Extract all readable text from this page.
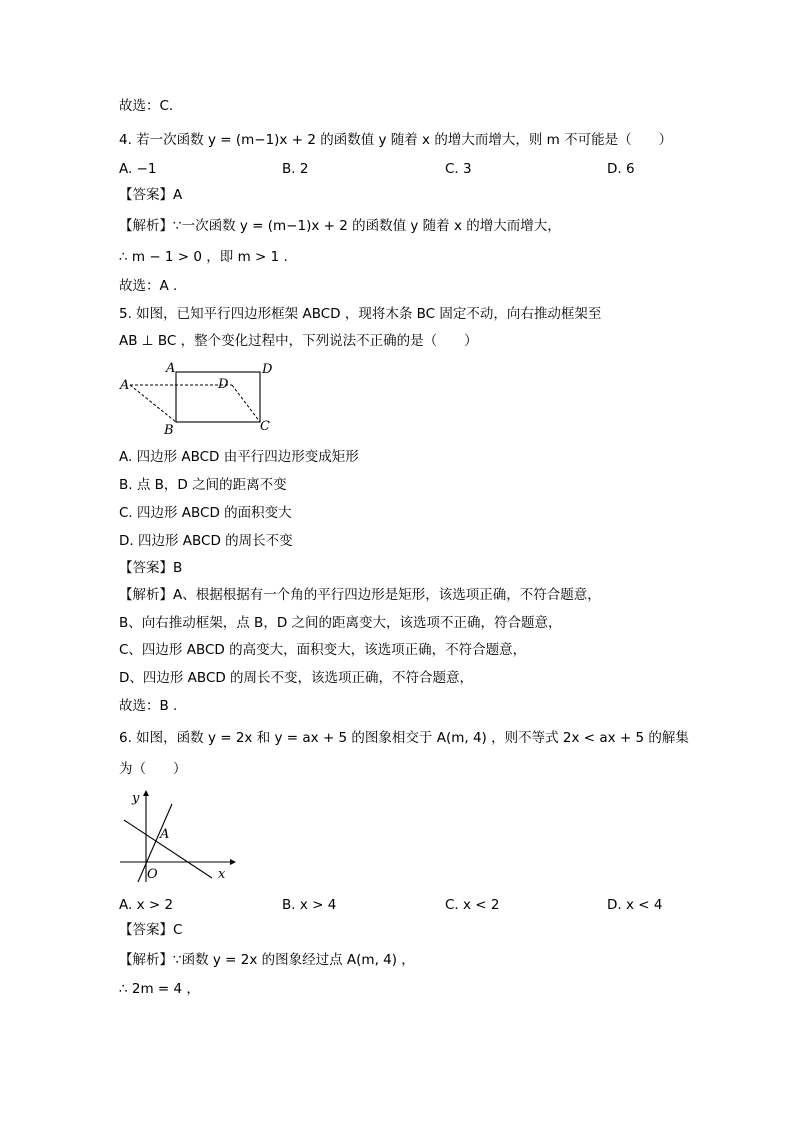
故选：C.
4. 若一次函数 y = (m−1)x + 2 的函数值 y 随着 x 的增大而增大，则 m 不可能是（　　）
A. −1	B. 2	C. 3	D. 6
【答案】A
【解析】∵一次函数 y = (m−1)x + 2 的函数值 y 随着 x 的增大而增大，
∴ m − 1 > 0 ，即 m > 1 .
故选：A .
5. 如图，已知平行四边形框架 ABCD ，现将木条 BC 固定不动，向右推动框架至
AB ⊥ BC ，整个变化过程中，下列说法不正确的是（　　）
A
A
D
D
B	C
A. 四边形 ABCD 由平行四边形变成矩形
B. 点 B，D 之间的距离不变
C. 四边形 ABCD 的面积变大
D. 四边形 ABCD 的周长不变
【答案】B
【解析】A、根据根据有一个角的平行四边形是矩形，该选项正确，不符合题意，
B、向右推动框架，点 B，D 之间的距离变大，该选项不正确，符合题意，
C、四边形 ABCD 的高变大，面积变大，该选项正确，不符合题意，
D、四边形 ABCD 的周长不变，该选项正确，不符合题意，
故选：B .
6. 如图，函数 y = 2x 和 y = ax + 5 的图象相交于 A(m, 4) ，则不等式 2x < ax + 5 的解集
为（　　）
y
x
O
A
A. x > 2	B. x > 4	C. x < 2	D. x < 4
【答案】C
【解析】∵函数 y = 2x 的图象经过点 A(m, 4) ，
∴ 2m = 4 ，
